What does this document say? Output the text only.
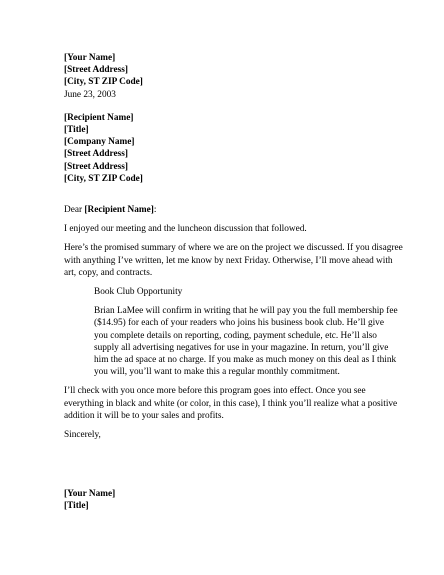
[Your Name]
[Street Address]
[City, ST ZIP Code]
June 23, 2003
[Recipient Name]
[Title]
[Company Name]
[Street Address]
[Street Address]
[City, ST ZIP Code]

Dear [Recipient Name]:

I enjoyed our meeting and the luncheon discussion that followed.

Here’s the promised summary of where we are on the project we discussed. If you disagree with anything I’ve written, let me know by next Friday. Otherwise, I’ll move ahead with art, copy, and contracts.

Book Club Opportunity

Brian LaMee will confirm in writing that he will pay you the full membership fee ($14.95) for each of your readers who joins his business book club. He’ll give you complete details on reporting, coding, payment schedule, etc. He’ll also supply all advertising negatives for use in your magazine. In return, you’ll give him the ad space at no charge. If you make as much money on this deal as I think you will, you’ll want to make this a regular monthly commitment.

I’ll check with you once more before this program goes into effect. Once you see everything in black and white (or color, in this case), I think you’ll realize what a positive addition it will be to your sales and profits.

Sincerely,

[Your Name]
[Title]
